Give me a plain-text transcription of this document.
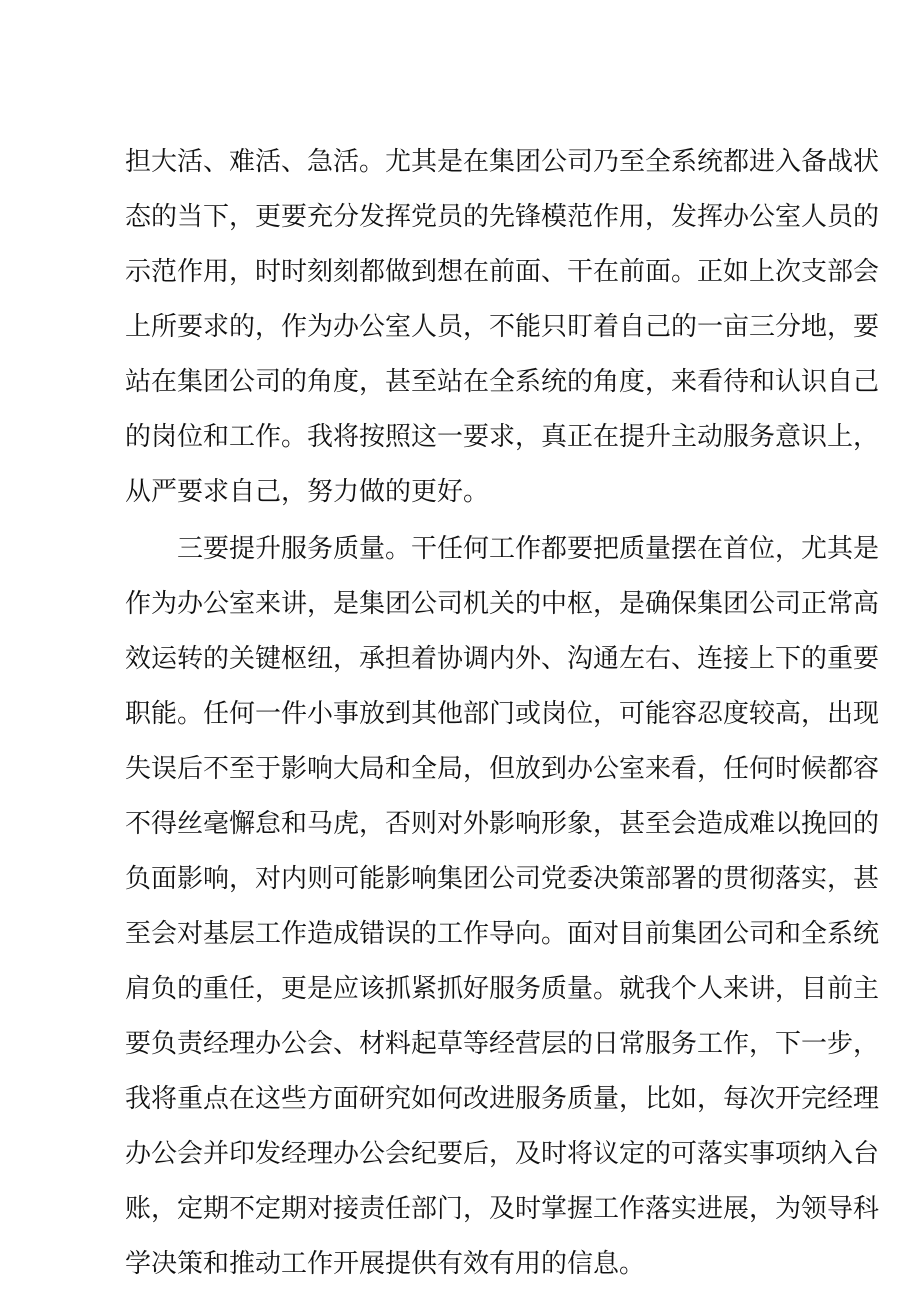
担大活、难活、急活。尤其是在集团公司乃至全系统都进入备战状
态的当下，更要充分发挥党员的先锋模范作用，发挥办公室人员的
示范作用，时时刻刻都做到想在前面、干在前面。正如上次支部会
上所要求的，作为办公室人员，不能只盯着自己的一亩三分地，要
站在集团公司的角度，甚至站在全系统的角度，来看待和认识自己
的岗位和工作。我将按照这一要求，真正在提升主动服务意识上，
从严要求自己，努力做的更好。
三要提升服务质量。干任何工作都要把质量摆在首位，尤其是
作为办公室来讲，是集团公司机关的中枢，是确保集团公司正常高
效运转的关键枢纽，承担着协调内外、沟通左右、连接上下的重要
职能。任何一件小事放到其他部门或岗位，可能容忍度较高，出现
失误后不至于影响大局和全局，但放到办公室来看，任何时候都容
不得丝毫懈怠和马虎，否则对外影响形象，甚至会造成难以挽回的
负面影响，对内则可能影响集团公司党委决策部署的贯彻落实，甚
至会对基层工作造成错误的工作导向。面对目前集团公司和全系统
肩负的重任，更是应该抓紧抓好服务质量。就我个人来讲，目前主
要负责经理办公会、材料起草等经营层的日常服务工作，下一步，
我将重点在这些方面研究如何改进服务质量，比如，每次开完经理
办公会并印发经理办公会纪要后，及时将议定的可落实事项纳入台
账，定期不定期对接责任部门，及时掌握工作落实进展，为领导科
学决策和推动工作开展提供有效有用的信息。
